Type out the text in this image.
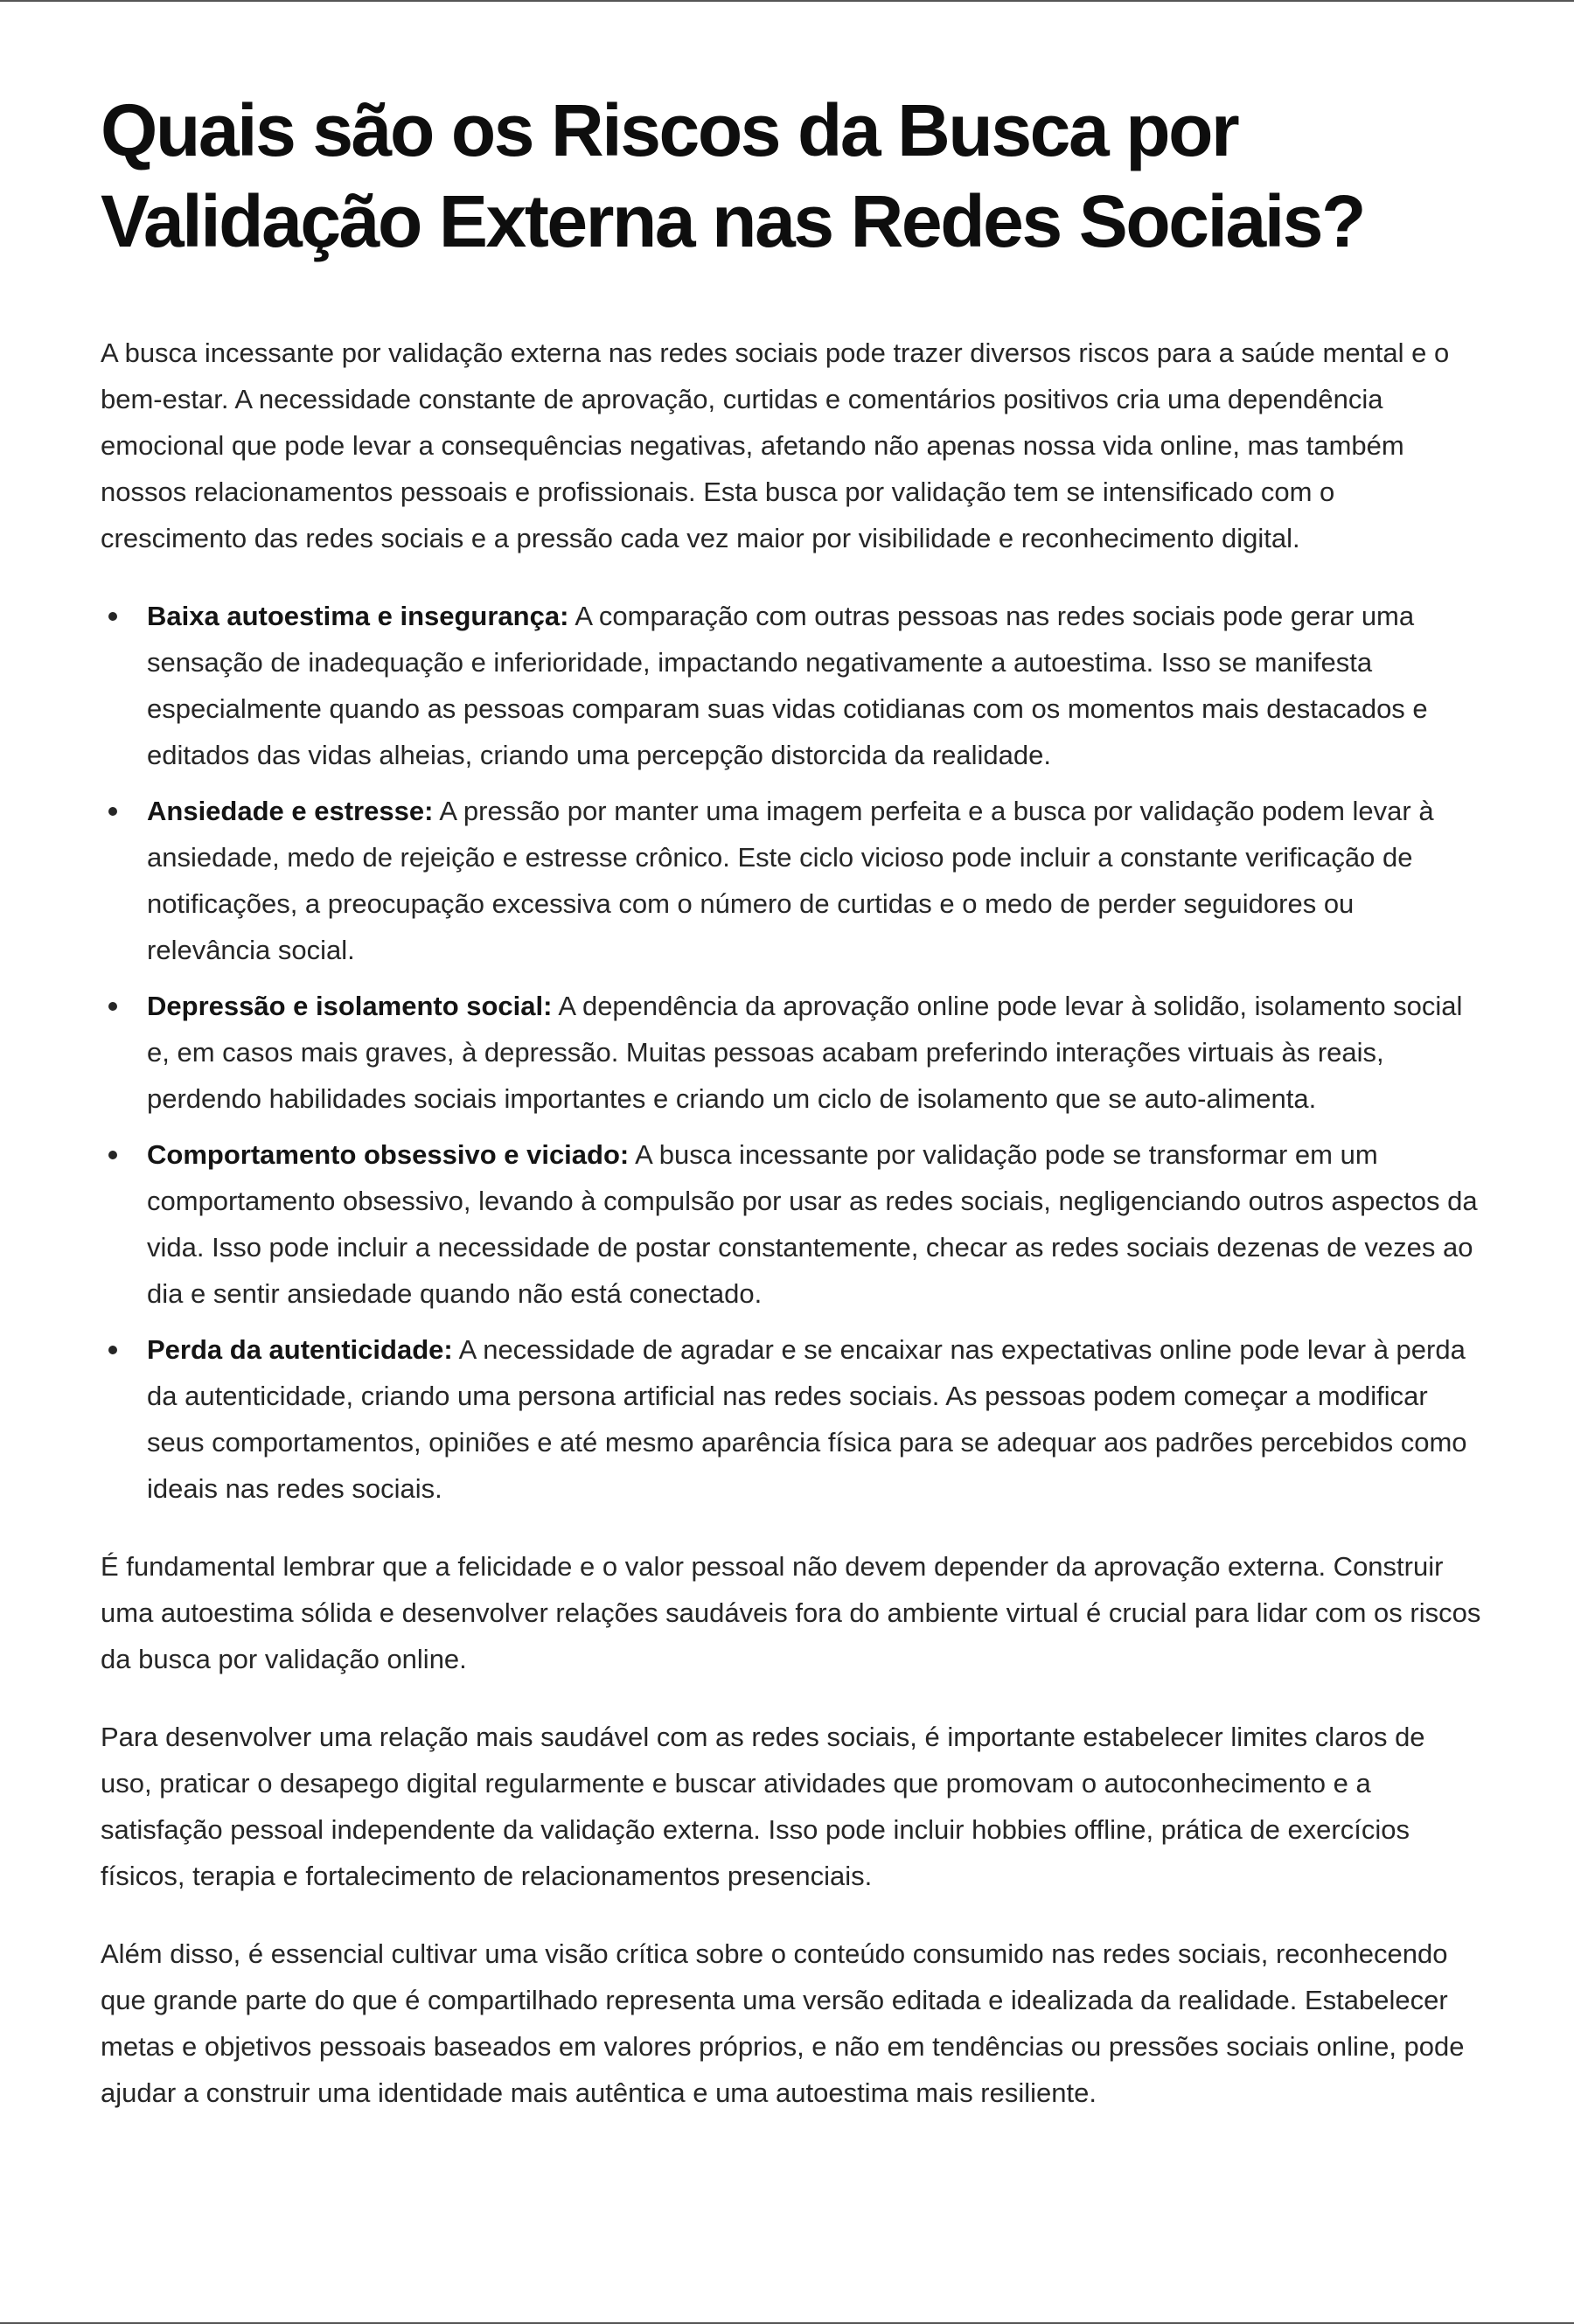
Quais são os Riscos da Busca por Validação Externa nas Redes Sociais?

A busca incessante por validação externa nas redes sociais pode trazer diversos riscos para a saúde mental e o bem-estar. A necessidade constante de aprovação, curtidas e comentários positivos cria uma dependência emocional que pode levar a consequências negativas, afetando não apenas nossa vida online, mas também nossos relacionamentos pessoais e profissionais. Esta busca por validação tem se intensificado com o crescimento das redes sociais e a pressão cada vez maior por visibilidade e reconhecimento digital.

Baixa autoestima e insegurança: A comparação com outras pessoas nas redes sociais pode gerar uma sensação de inadequação e inferioridade, impactando negativamente a autoestima. Isso se manifesta especialmente quando as pessoas comparam suas vidas cotidianas com os momentos mais destacados e editados das vidas alheias, criando uma percepção distorcida da realidade.
Ansiedade e estresse: A pressão por manter uma imagem perfeita e a busca por validação podem levar à ansiedade, medo de rejeição e estresse crônico. Este ciclo vicioso pode incluir a constante verificação de notificações, a preocupação excessiva com o número de curtidas e o medo de perder seguidores ou relevância social.
Depressão e isolamento social: A dependência da aprovação online pode levar à solidão, isolamento social e, em casos mais graves, à depressão. Muitas pessoas acabam preferindo interações virtuais às reais, perdendo habilidades sociais importantes e criando um ciclo de isolamento que se auto-alimenta.
Comportamento obsessivo e viciado: A busca incessante por validação pode se transformar em um comportamento obsessivo, levando à compulsão por usar as redes sociais, negligenciando outros aspectos da vida. Isso pode incluir a necessidade de postar constantemente, checar as redes sociais dezenas de vezes ao dia e sentir ansiedade quando não está conectado.
Perda da autenticidade: A necessidade de agradar e se encaixar nas expectativas online pode levar à perda da autenticidade, criando uma persona artificial nas redes sociais. As pessoas podem começar a modificar seus comportamentos, opiniões e até mesmo aparência física para se adequar aos padrões percebidos como ideais nas redes sociais.

É fundamental lembrar que a felicidade e o valor pessoal não devem depender da aprovação externa. Construir uma autoestima sólida e desenvolver relações saudáveis fora do ambiente virtual é crucial para lidar com os riscos da busca por validação online.

Para desenvolver uma relação mais saudável com as redes sociais, é importante estabelecer limites claros de uso, praticar o desapego digital regularmente e buscar atividades que promovam o autoconhecimento e a satisfação pessoal independente da validação externa. Isso pode incluir hobbies offline, prática de exercícios físicos, terapia e fortalecimento de relacionamentos presenciais.

Além disso, é essencial cultivar uma visão crítica sobre o conteúdo consumido nas redes sociais, reconhecendo que grande parte do que é compartilhado representa uma versão editada e idealizada da realidade. Estabelecer metas e objetivos pessoais baseados em valores próprios, e não em tendências ou pressões sociais online, pode ajudar a construir uma identidade mais autêntica e uma autoestima mais resiliente.
